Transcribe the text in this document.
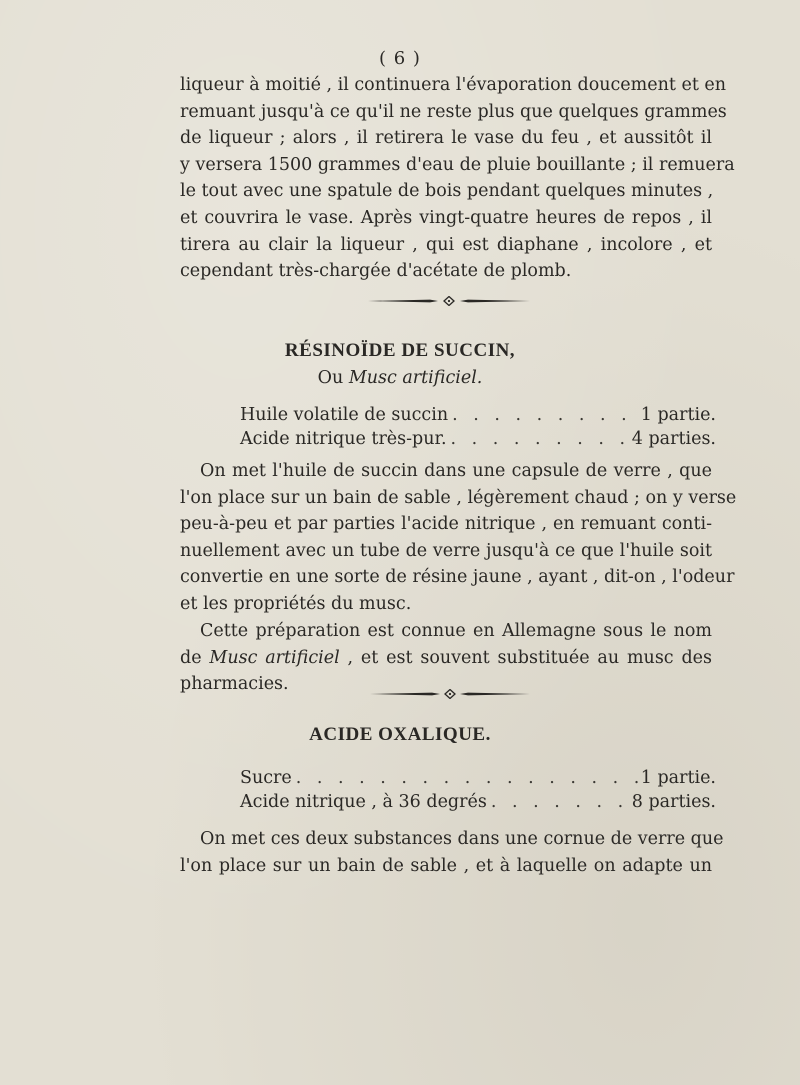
( 6 )
liqueur à moitié , il continuera l'évaporation doucement et en
remuant jusqu'à ce qu'il ne reste plus que quelques grammes
de liqueur ; alors , il retirera le vase du feu , et aussitôt il
y versera 1500 grammes d'eau de pluie bouillante ; il remuera
le tout avec une spatule de bois pendant quelques minutes ,
et couvrira le vase. Après vingt-quatre heures de repos , il
tirera au clair la liqueur , qui est diaphane , incolore , et
cependant très-chargée d'acétate de plomb.
RÉSINOÏDE DE SUCCIN,
Ou Musc artificiel.
Huile volatile de succin . . .	1 partie.
Acide nitrique très-pur. . . .	4 parties.
On met l'huile de succin dans une capsule de verre , que
l'on place sur un bain de sable , légèrement chaud ; on y verse
peu-à-peu et par parties l'acide nitrique , en remuant conti-
nuellement avec un tube de verre jusqu'à ce que l'huile soit
convertie en une sorte de résine jaune , ayant , dit-on , l'odeur
et les propriétés du musc.
Cette préparation est connue en Allemagne sous le nom
de Musc artificiel , et est souvent substituée au musc des
pharmacies.
ACIDE OXALIQUE.
Sucre . . .	1 partie.
Acide nitrique , à 36 degrés . . .	8 parties.
On met ces deux substances dans une cornue de verre que
l'on place sur un bain de sable , et à laquelle on adapte un
